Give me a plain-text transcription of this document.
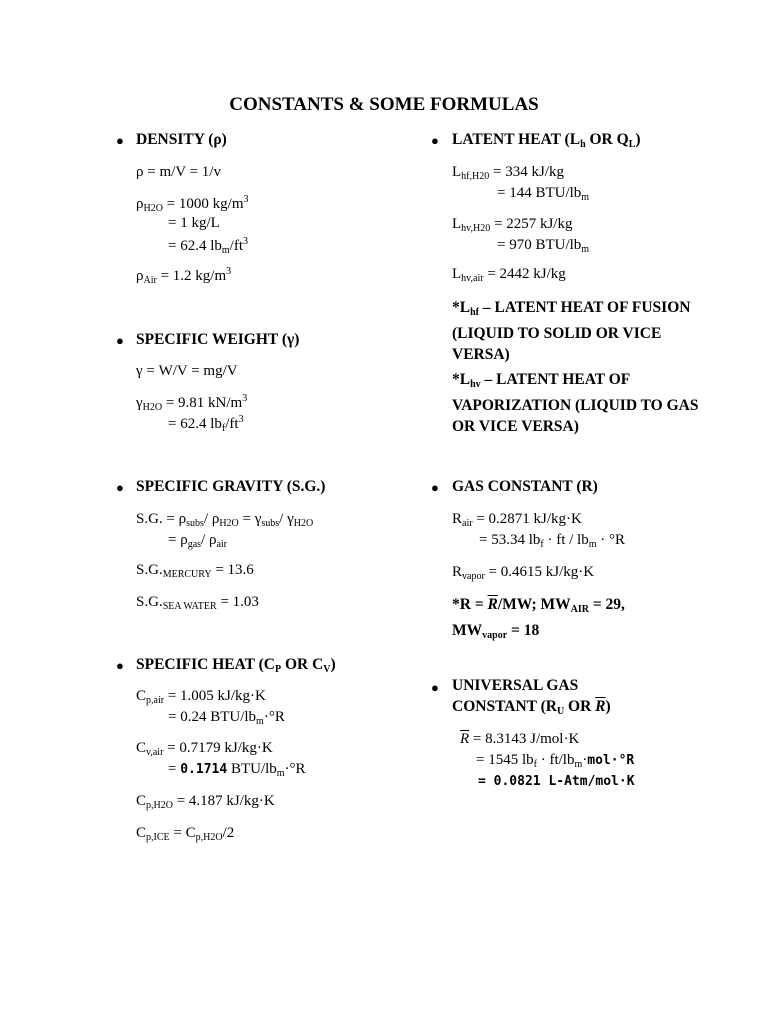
CONSTANTS & SOME FORMULAS
● DENSITY (ρ)
ρ = m/V = 1/v
$\rho_{H2O} = 1000$ $kg/m^3$
= 1 kg/L
= 62.4 $lb_m/ft^3$
$\rho_{Air} = 1.2$ $kg/m^3$
● SPECIFIC WEIGHT (γ)
γ = W/V = mg/V
$\gamma_{H2O} = 9.81$ $kN/m^3$
= 62.4 $lb_f/ft^3$
● SPECIFIC GRAVITY (S.G.)
S.G. = $\rho_{subs}/$ $\rho_{H2O} = \gamma_{subs}/$ $\gamma_{H2O}$
= $\rho_{gas}/$ $\rho_{air}$
$S.G._{MERCURY} = 13.6$
$S.G._{SEA WATER} = 1.03$
● SPECIFIC HEAT ($C_P$ OR $C_V$)
$C_{p,air} = 1.005$ kJ/kg·K
= 0.24 BTU/$lb_m\cdot^\circ R$
$C_{v,air} = 0.7179$ kJ/kg·K
= 0.1714 BTU/$lb_m\cdot^\circ R$
$C_{p,H2O} = 4.187$ kJ/kg·K
$C_{p,ICE} = C_{p,H2O}/2$
● LATENT HEAT ($L_h$ OR $Q_L$)
$L_{hf,H20} = 334$ kJ/kg
= 144 BTU/$lb_m$
$L_{hv,H20} = 2257$ kJ/kg
= 970 BTU/$lb_m$
$L_{hv,air} = 2442$ kJ/kg
$*L_{hf}$ – LATENT HEAT OF FUSION (LIQUID TO SOLID OR VICE VERSA)
$*L_{hv}$ – LATENT HEAT OF VAPORIZATION (LIQUID TO GAS OR VICE VERSA)
● GAS CONSTANT (R)
$R_{air} = 0.2871$ kJ/kg·K
= 53.34 $lb_f$ · ft / $lb_m \cdot ^\circ R$
$R_{vapor} = 0.4615$ kJ/kg·K
$*R = \overline{R}/MW$; $MW_{AIR} = 29$,
$MW_{vapor} = 18$
● UNIVERSAL GAS
CONSTANT ($R_U$ OR $\overline{R}$)
$\overline{R} = 8.3143$ J/mol·K
= 1545 $lb_f \cdot ft/lb_m\cdot mol\cdot^\circ R$
= 0.0821 L-Atm/mol·K
